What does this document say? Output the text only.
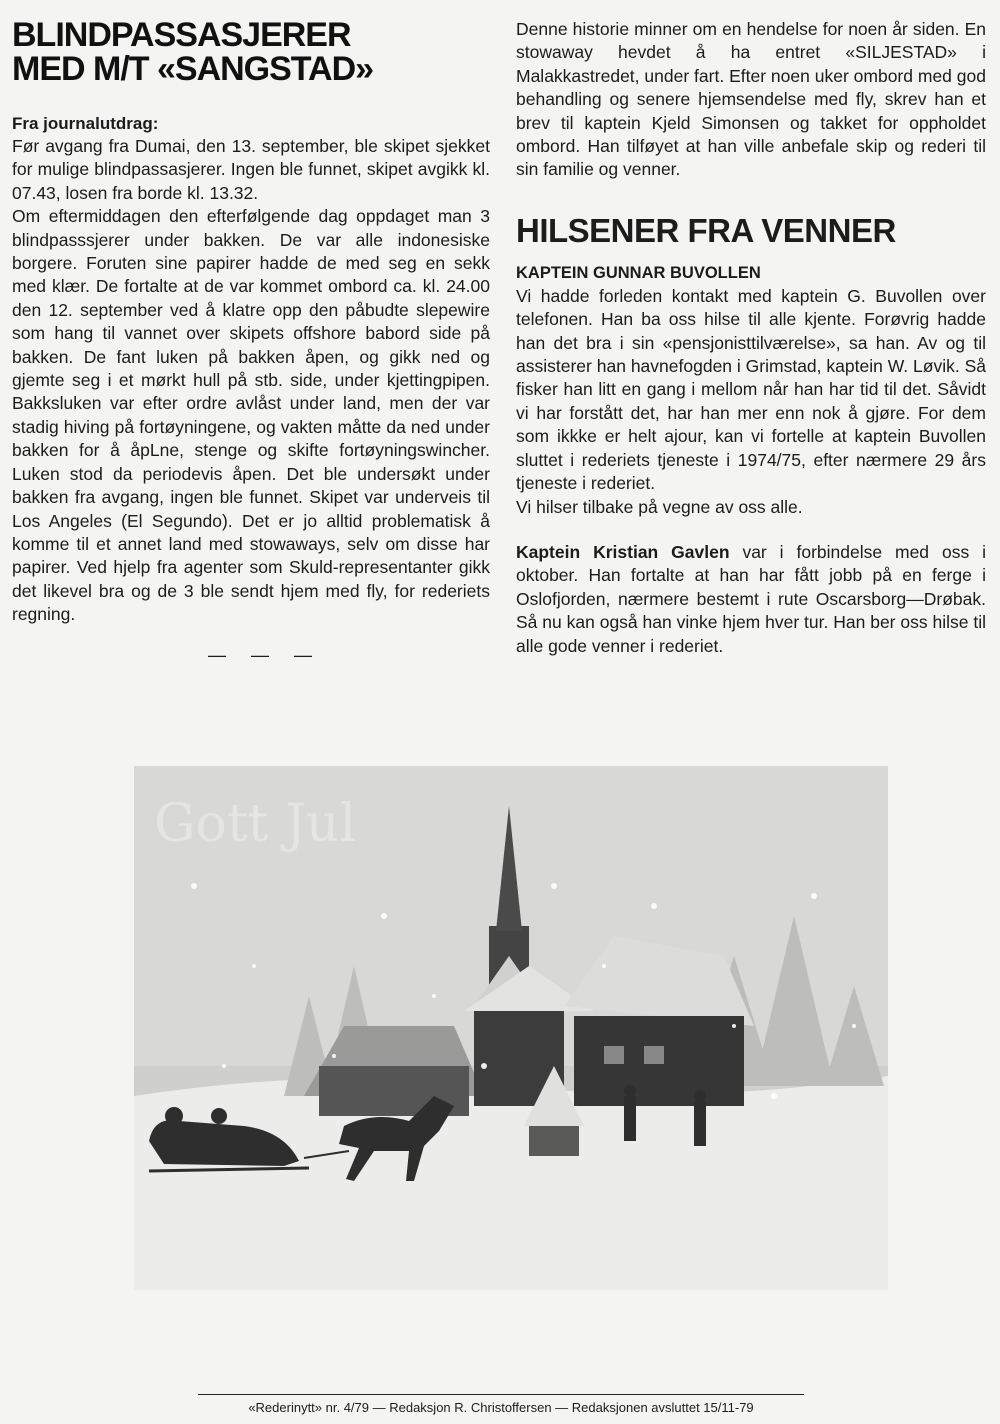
BLINDPASSASJERER
MED M/T «SANGSTAD»
Fra journalutdrag:

Før avgang fra Dumai, den 13. september, ble skipet sjekket for mulige blindpassasjerer. Ingen ble funnet, skipet avgikk kl. 07.43, losen fra borde kl. 13.32.

Om eftermiddagen den efterfølgende dag oppdaget man 3 blindpasssjerer under bakken. De var alle indonesiske borgere. Foruten sine papirer hadde de med seg en sekk med klær. De fortalte at de var kommet ombord ca. kl. 24.00 den 12. september ved å klatre opp den påbudte slepewire som hang til vannet over skipets offshore babord side på bakken. De fant luken på bakken åpen, og gikk ned og gjemte seg i et mørkt hull på stb. side, under kjettingpipen. Bakksluken var efter ordre avlåst under land, men der var stadig hiving på fortøyningene, og vakten måtte da ned under bakken for å åpLne, stenge og skifte fortøyningswincher. Luken stod da periodevis åpen. Det ble undersøkt under bakken fra avgang, ingen ble funnet. Skipet var underveis til Los Angeles (El Segundo). Det er jo alltid problematisk å komme til et annet land med stowaways, selv om disse har papirer. Ved hjelp fra agenter som Skuld-representanter gikk det likevel bra og de 3 ble sendt hjem med fly, for rederiets regning.

— — —

Denne historie minner om en hendelse for noen år siden. En stowaway hevdet å ha entret «SILJESTAD» i Malakkastredet, under fart. Efter noen uker ombord med god behandling og senere hjemsendelse med fly, skrev han et brev til kaptein Kjeld Simonsen og takket for oppholdet ombord. Han tilføyet at han ville anbefale skip og rederi til sin familie og venner.

HILSENER FRA VENNER
KAPTEIN GUNNAR BUVOLLEN

Vi hadde forleden kontakt med kaptein G. Buvollen over telefonen. Han ba oss hilse til alle kjente. Forøvrig hadde han det bra i sin «pensjonisttilværelse», sa han. Av og til assisterer han havnefogden i Grimstad, kaptein W. Løvik. Så fisker han litt en gang i mellom når han har tid til det. Såvidt vi har forstått det, har han mer enn nok å gjøre. For dem som ikkke er helt ajour, kan vi fortelle at kaptein Buvollen sluttet i rederiets tjeneste i 1974/75, efter nærmere 29 års tjeneste i rederiet.

Vi hilser tilbake på vegne av oss alle.

Kaptein Kristian Gavlen var i forbindelse med oss i oktober. Han fortalte at han har fått jobb på en ferge i Oslofjorden, nærmere bestemt i rute Oscarsborg—Drøbak. Så nu kan også han vinke hjem hver tur. Han ber oss hilse til alle gode venner i rederiet.

Gott Jul
«Rederinytt» nr. 4/79 — Redaksjon R. Christoffersen — Redaksjonen avsluttet 15/11-79
